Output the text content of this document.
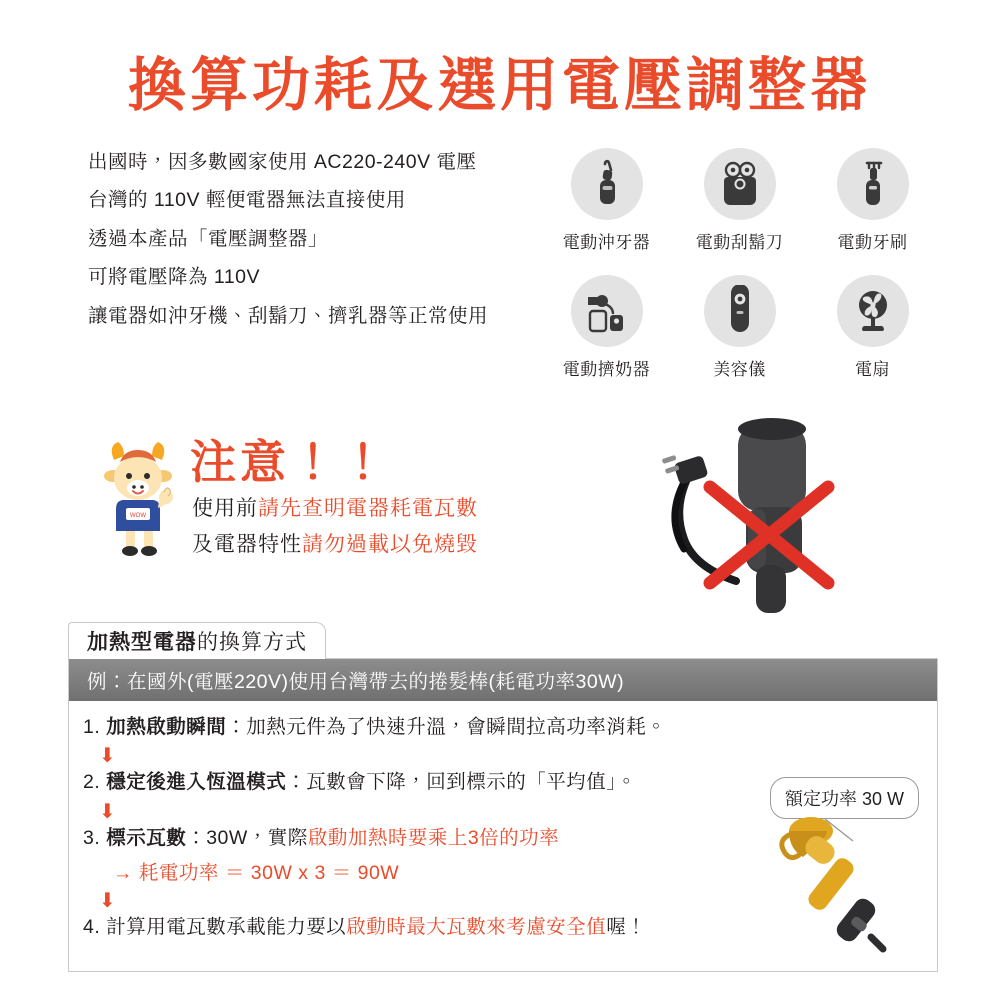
換算功耗及選用電壓調整器

出國時，因多數國家使用 AC220-240V 電壓

台灣的 110V 輕便電器無法直接使用

透過本產品「電壓調整器」

可將電壓降為 110V

讓電器如沖牙機、刮鬍刀、擠乳器等正常使用

電動沖牙器	電動刮鬍刀	電動牙刷
電動擠奶器	美容儀	電扇
WOW
注意！！
使用前請先查明電器耗電瓦數
及電器特性請勿過載以免燒毀
加熱型電器 的換算方式
例：在國外(電壓220V)使用台灣帶去的捲髮棒(耗電功率30W)

1. 加熱啟動瞬間：加熱元件為了快速升溫，會瞬間拉高功率消耗。

⬇

2. 穩定後進入恆溫模式：瓦數會下降，回到標示的「平均值」。

⬇

3. 標示瓦數：30W，實際啟動加熱時要乘上3倍的功率

→ 耗電功率 ＝ 30W x 3 ＝ 90W

⬇

4. 計算用電瓦數承載能力要以啟動時最大瓦數來考慮安全值喔！

額定功率 30 W
